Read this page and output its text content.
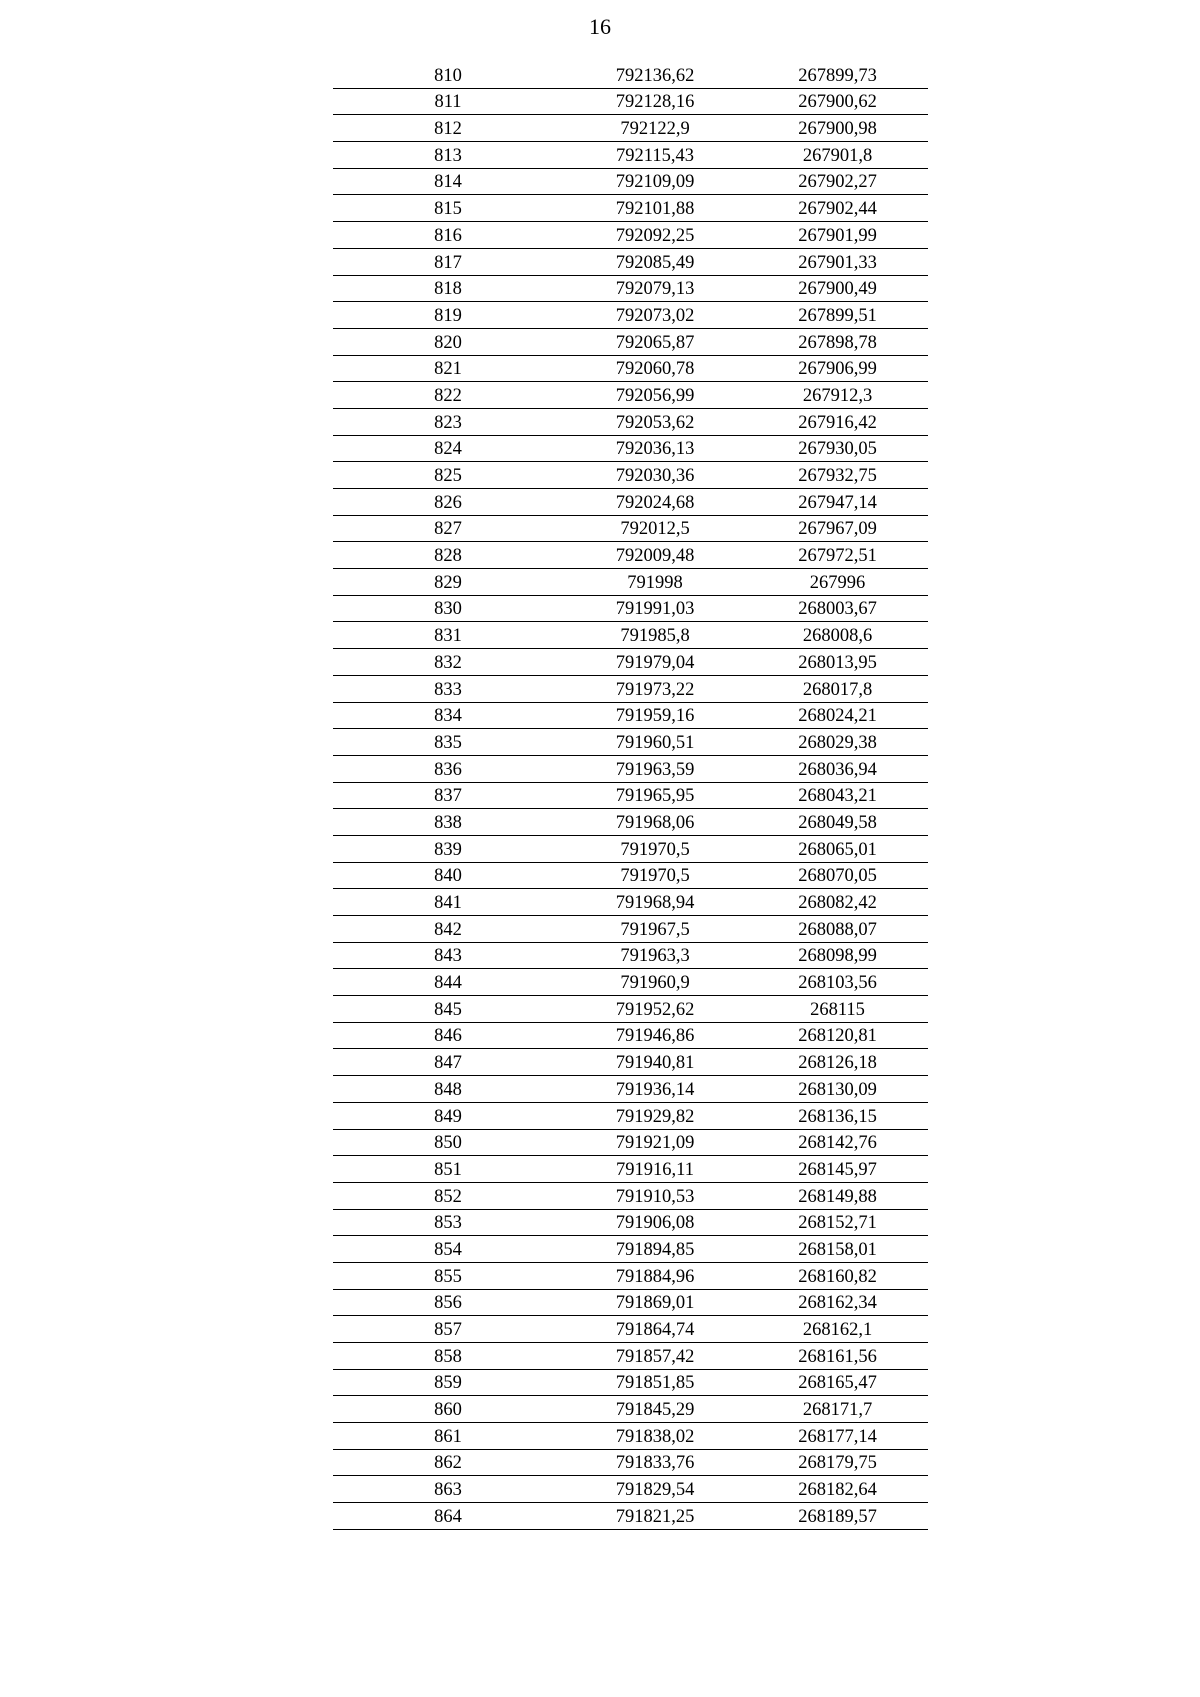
16
810	792136,62	267899,73
811	792128,16	267900,62
812	792122,9	267900,98
813	792115,43	267901,8
814	792109,09	267902,27
815	792101,88	267902,44
816	792092,25	267901,99
817	792085,49	267901,33
818	792079,13	267900,49
819	792073,02	267899,51
820	792065,87	267898,78
821	792060,78	267906,99
822	792056,99	267912,3
823	792053,62	267916,42
824	792036,13	267930,05
825	792030,36	267932,75
826	792024,68	267947,14
827	792012,5	267967,09
828	792009,48	267972,51
829	791998	267996
830	791991,03	268003,67
831	791985,8	268008,6
832	791979,04	268013,95
833	791973,22	268017,8
834	791959,16	268024,21
835	791960,51	268029,38
836	791963,59	268036,94
837	791965,95	268043,21
838	791968,06	268049,58
839	791970,5	268065,01
840	791970,5	268070,05
841	791968,94	268082,42
842	791967,5	268088,07
843	791963,3	268098,99
844	791960,9	268103,56
845	791952,62	268115
846	791946,86	268120,81
847	791940,81	268126,18
848	791936,14	268130,09
849	791929,82	268136,15
850	791921,09	268142,76
851	791916,11	268145,97
852	791910,53	268149,88
853	791906,08	268152,71
854	791894,85	268158,01
855	791884,96	268160,82
856	791869,01	268162,34
857	791864,74	268162,1
858	791857,42	268161,56
859	791851,85	268165,47
860	791845,29	268171,7
861	791838,02	268177,14
862	791833,76	268179,75
863	791829,54	268182,64
864	791821,25	268189,57
